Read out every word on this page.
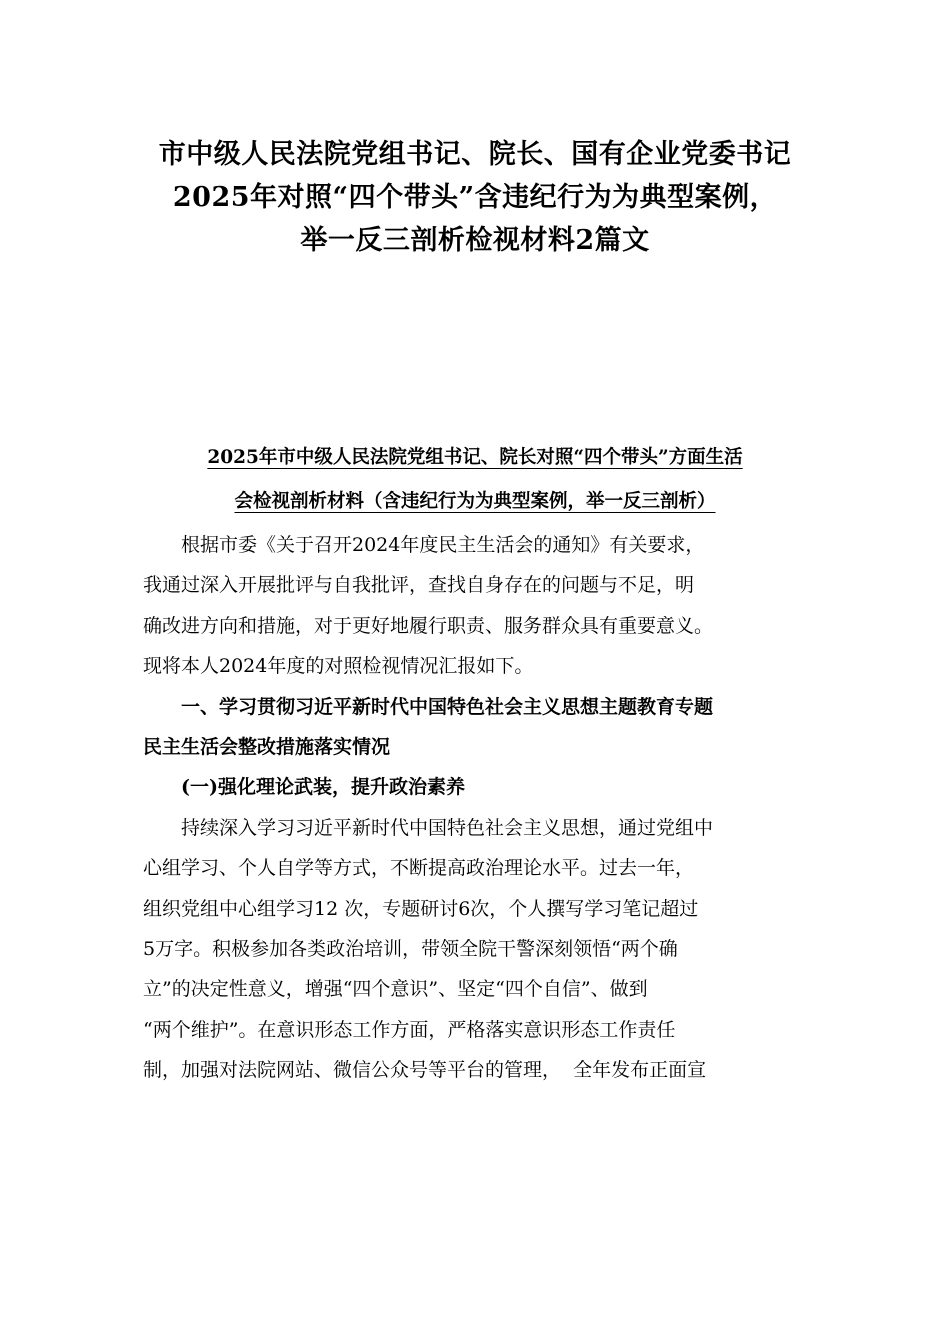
市中级人民法院党组书记、院长、国有企业党委书记
2025年对照“四个带头”含违纪行为为典型案例，
举一反三剖析检视材料2篇文
2025年市中级人民法院党组书记、院长对照“四个带头”方面生活
会检视剖析材料（含违纪行为为典型案例，举一反三剖析）
根据市委《关于召开2024年度民主生活会的通知》有关要求，
我通过深入开展批评与自我批评，查找自身存在的问题与不足，明
确改进方向和措施，对于更好地履行职责、服务群众具有重要意义。
现将本人2024年度的对照检视情况汇报如下。
一、学习贯彻习近平新时代中国特色社会主义思想主题教育专题
民主生活会整改措施落实情况
(一)强化理论武装，提升政治素养
持续深入学习习近平新时代中国特色社会主义思想，通过党组中
心组学习、个人自学等方式，不断提高政治理论水平。过去一年，
组织党组中心组学习12 次，专题研讨6次，个人撰写学习笔记超过
5万字。积极参加各类政治培训，带领全院干警深刻领悟“两个确
立”的决定性意义，增强“四个意识”、坚定“四个自信”、做到
“两个维护”。在意识形态工作方面，严格落实意识形态工作责任
制，加强对法院网站、微信公众号等平台的管理，  全年发布正面宣
